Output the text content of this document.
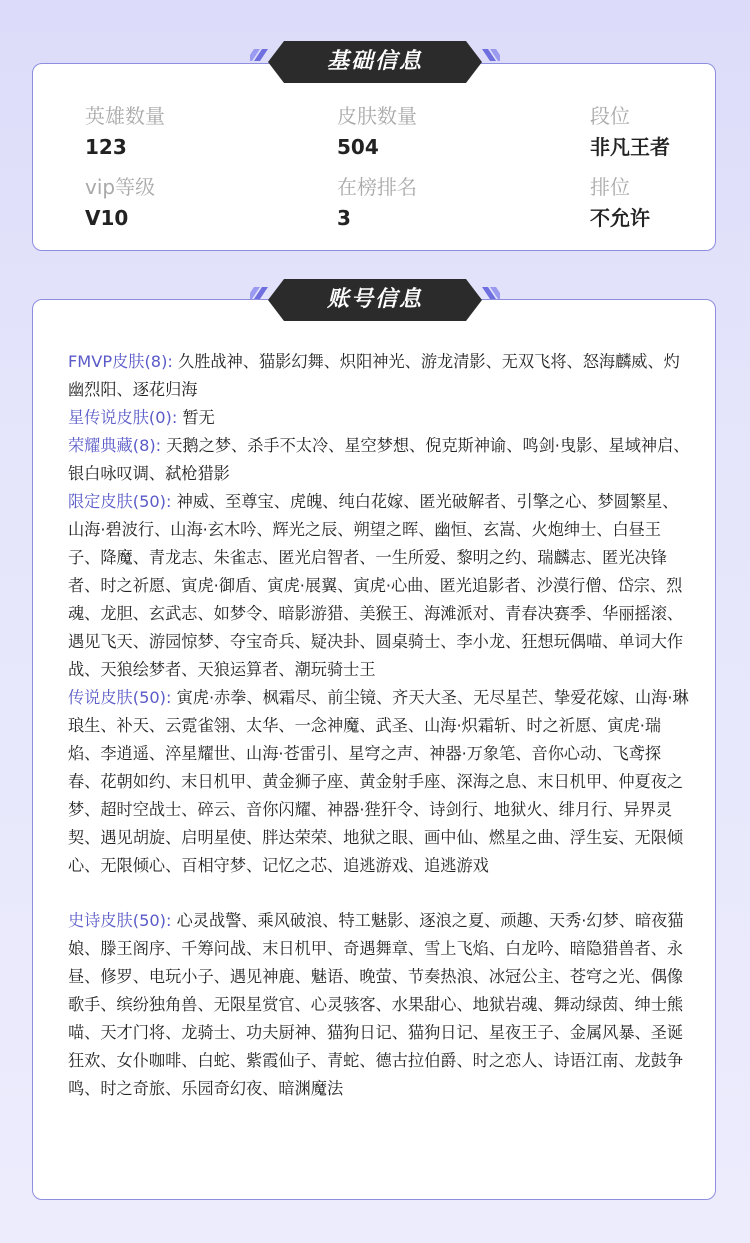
英雄数量
123
皮肤数量
504
段位
非凡王者
vip等级
V10
在榜排名
3
排位
不允许
基础信息

FMVP皮肤(8): 久胜战神、猫影幻舞、炽阳神光、游龙清影、无双飞将、怒海麟威、灼幽烈阳、逐花归海

星传说皮肤(0): 暂无

荣耀典藏(8): 天鹅之梦、杀手不太冷、星空梦想、倪克斯神谕、鸣剑·曳影、星域神启、银白咏叹调、弑枪猎影

限定皮肤(50): 神威、至尊宝、虎魄、纯白花嫁、匿光破解者、引擎之心、梦圆繁星、山海·碧波行、山海·玄木吟、辉光之辰、朔望之晖、幽恒、玄嵩、火炮绅士、白昼王子、降魔、青龙志、朱雀志、匿光启智者、一生所爱、黎明之约、瑞麟志、匿光决锋者、时之祈愿、寅虎·御盾、寅虎·展翼、寅虎·心曲、匿光追影者、沙漠行僧、岱宗、烈魂、龙胆、玄武志、如梦令、暗影游猎、美猴王、海滩派对、青春决赛季、华丽摇滚、遇见飞天、游园惊梦、夺宝奇兵、疑决卦、圆桌骑士、李小龙、狂想玩偶喵、单词大作战、天狼绘梦者、天狼运算者、潮玩骑士王

传说皮肤(50): 寅虎·赤拳、枫霜尽、前尘镜、齐天大圣、无尽星芒、挚爱花嫁、山海·琳琅生、补天、云霓雀翎、太华、一念神魔、武圣、山海·炽霜斩、时之祈愿、寅虎·瑞焰、李逍遥、淬星耀世、山海·苍雷引、星穹之声、神器·万象笔、音你心动、飞鸢探春、花朝如约、末日机甲、黄金狮子座、黄金射手座、深海之息、末日机甲、仲夏夜之梦、超时空战士、碎云、音你闪耀、神器·狴犴令、诗剑行、地狱火、绯月行、异界灵契、遇见胡旋、启明星使、胖达荣荣、地狱之眼、画中仙、燃星之曲、浮生妄、无限倾心、无限倾心、百相守梦、记忆之芯、追逃游戏、追逃游戏

史诗皮肤(50): 心灵战警、乘风破浪、特工魅影、逐浪之夏、顽趣、天秀·幻梦、暗夜猫娘、滕王阁序、千筹问战、末日机甲、奇遇舞章、雪上飞焰、白龙吟、暗隐猎兽者、永昼、修罗、电玩小子、遇见神鹿、魅语、晚萤、节奏热浪、冰冠公主、苍穹之光、偶像歌手、缤纷独角兽、无限星赏官、心灵骇客、水果甜心、地狱岩魂、舞动绿茵、绅士熊喵、天才门将、龙骑士、功夫厨神、猫狗日记、猫狗日记、星夜王子、金属风暴、圣诞狂欢、女仆咖啡、白蛇、紫霞仙子、青蛇、德古拉伯爵、时之恋人、诗语江南、龙鼓争鸣、时之奇旅、乐园奇幻夜、暗渊魔法

账号信息
